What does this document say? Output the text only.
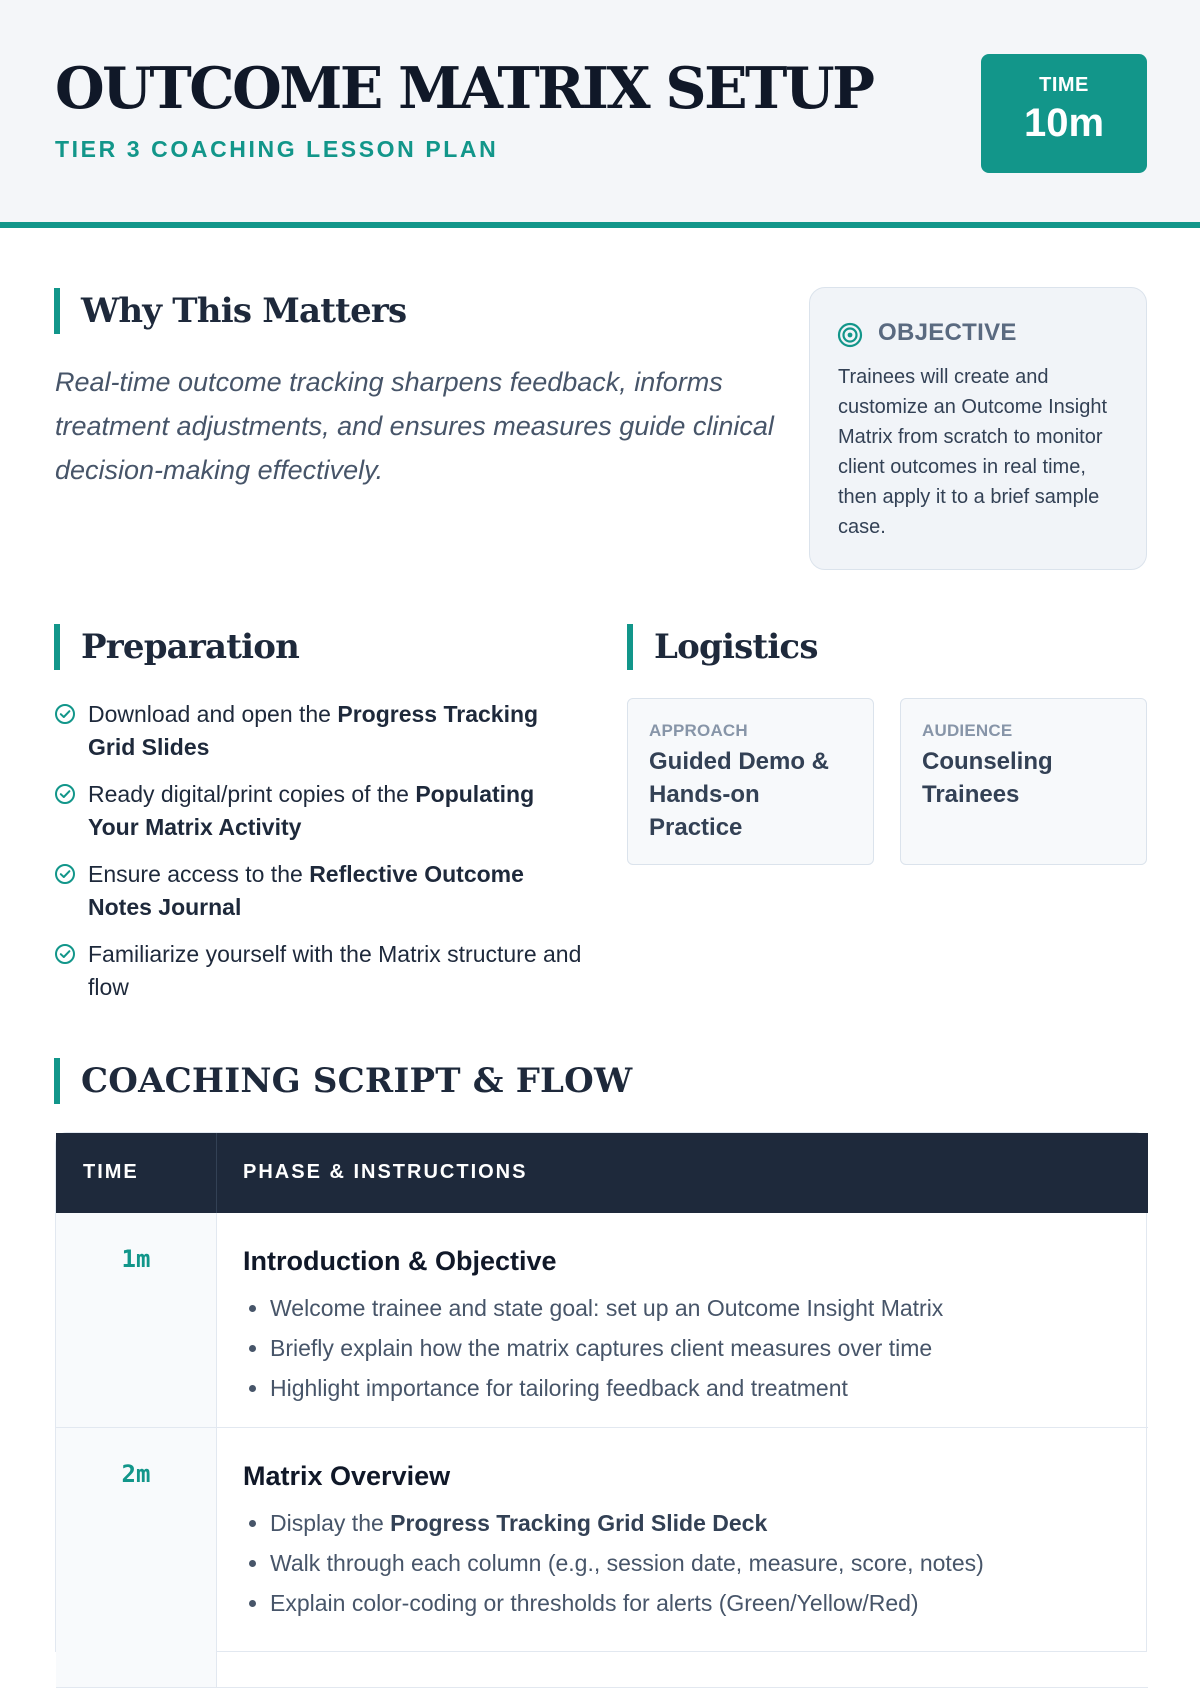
OUTCOME MATRIX SETUP
TIER 3 COACHING LESSON PLAN
TIME
10m
Why This Matters

Real-time outcome tracking sharpens feedback, informs treatment adjustments, and ensures measures guide clinical decision-making effectively.

OBJECTIVE

Trainees will create and customize an Outcome Insight Matrix from scratch to monitor client outcomes in real time, then apply it to a brief sample case.

Preparation
Download and open the Progress Tracking Grid Slides
Ready digital/print copies of the Populating Your Matrix Activity
Ensure access to the Reflective Outcome Notes Journal
Familiarize yourself with the Matrix structure and flow
Logistics
APPROACH
Guided Demo & Hands-on Practice
AUDIENCE
Counseling Trainees
COACHING SCRIPT & FLOW
TIME	PHASE & INSTRUCTIONS
1m	Introduction & Objective
• Welcome trainee and state goal: set up an Outcome Insight Matrix
• Briefly explain how the matrix captures client measures over time
• Highlight importance for tailoring feedback and treatment
2m	Matrix Overview
• Display the Progress Tracking Grid Slide Deck
• Walk through each column (e.g., session date, measure, score, notes)
• Explain color-coding or thresholds for alerts (Green/Yellow/Red)
